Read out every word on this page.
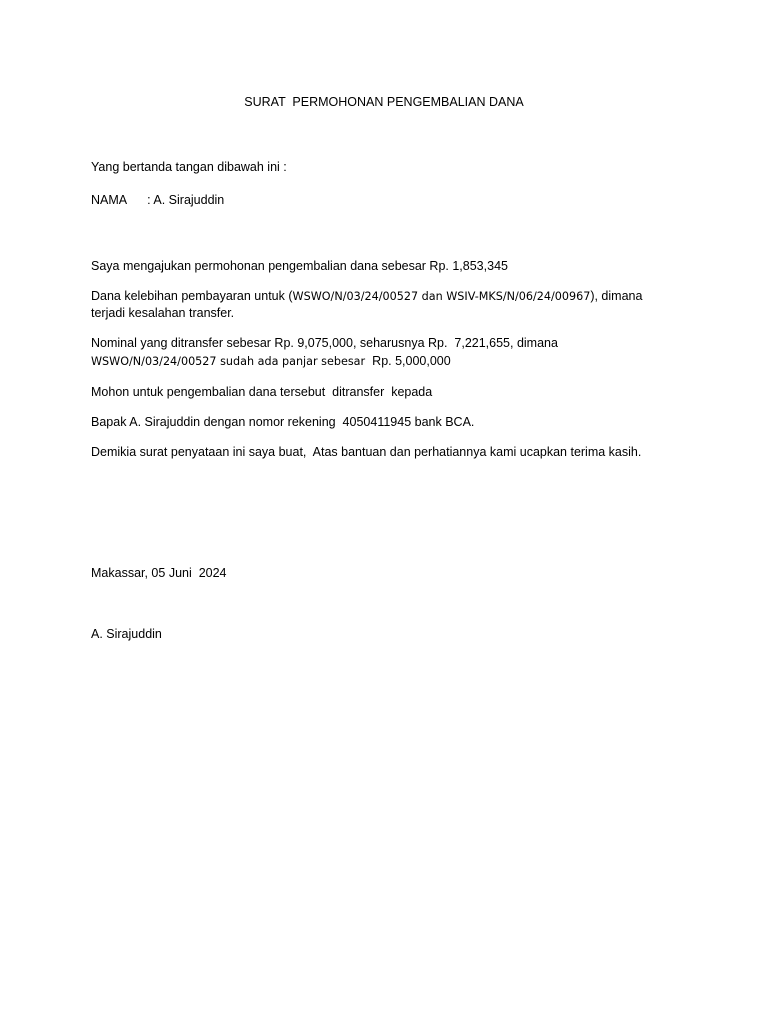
SURAT  PERMOHONAN PENGEMBALIAN DANA
Yang bertanda tangan dibawah ini :
NAMA : A. Sirajuddin
Saya mengajukan permohonan pengembalian dana sebesar Rp. 1,853,345
Dana kelebihan pembayaran untuk (WSWO/N/03/24/00527 dan WSIV-MKS/N/06/24/00967), dimana
terjadi kesalahan transfer.
Nominal yang ditransfer sebesar Rp. 9,075,000, seharusnya Rp.  7,221,655, dimana
WSWO/N/03/24/00527 sudah ada panjar sebesar  Rp. 5,000,000
Mohon untuk pengembalian dana tersebut  ditransfer  kepada
Bapak A. Sirajuddin dengan nomor rekening  4050411945 bank BCA.
Demikia surat penyataan ini saya buat,  Atas bantuan dan perhatiannya kami ucapkan terima kasih.
Makassar, 05 Juni  2024
A. Sirajuddin
